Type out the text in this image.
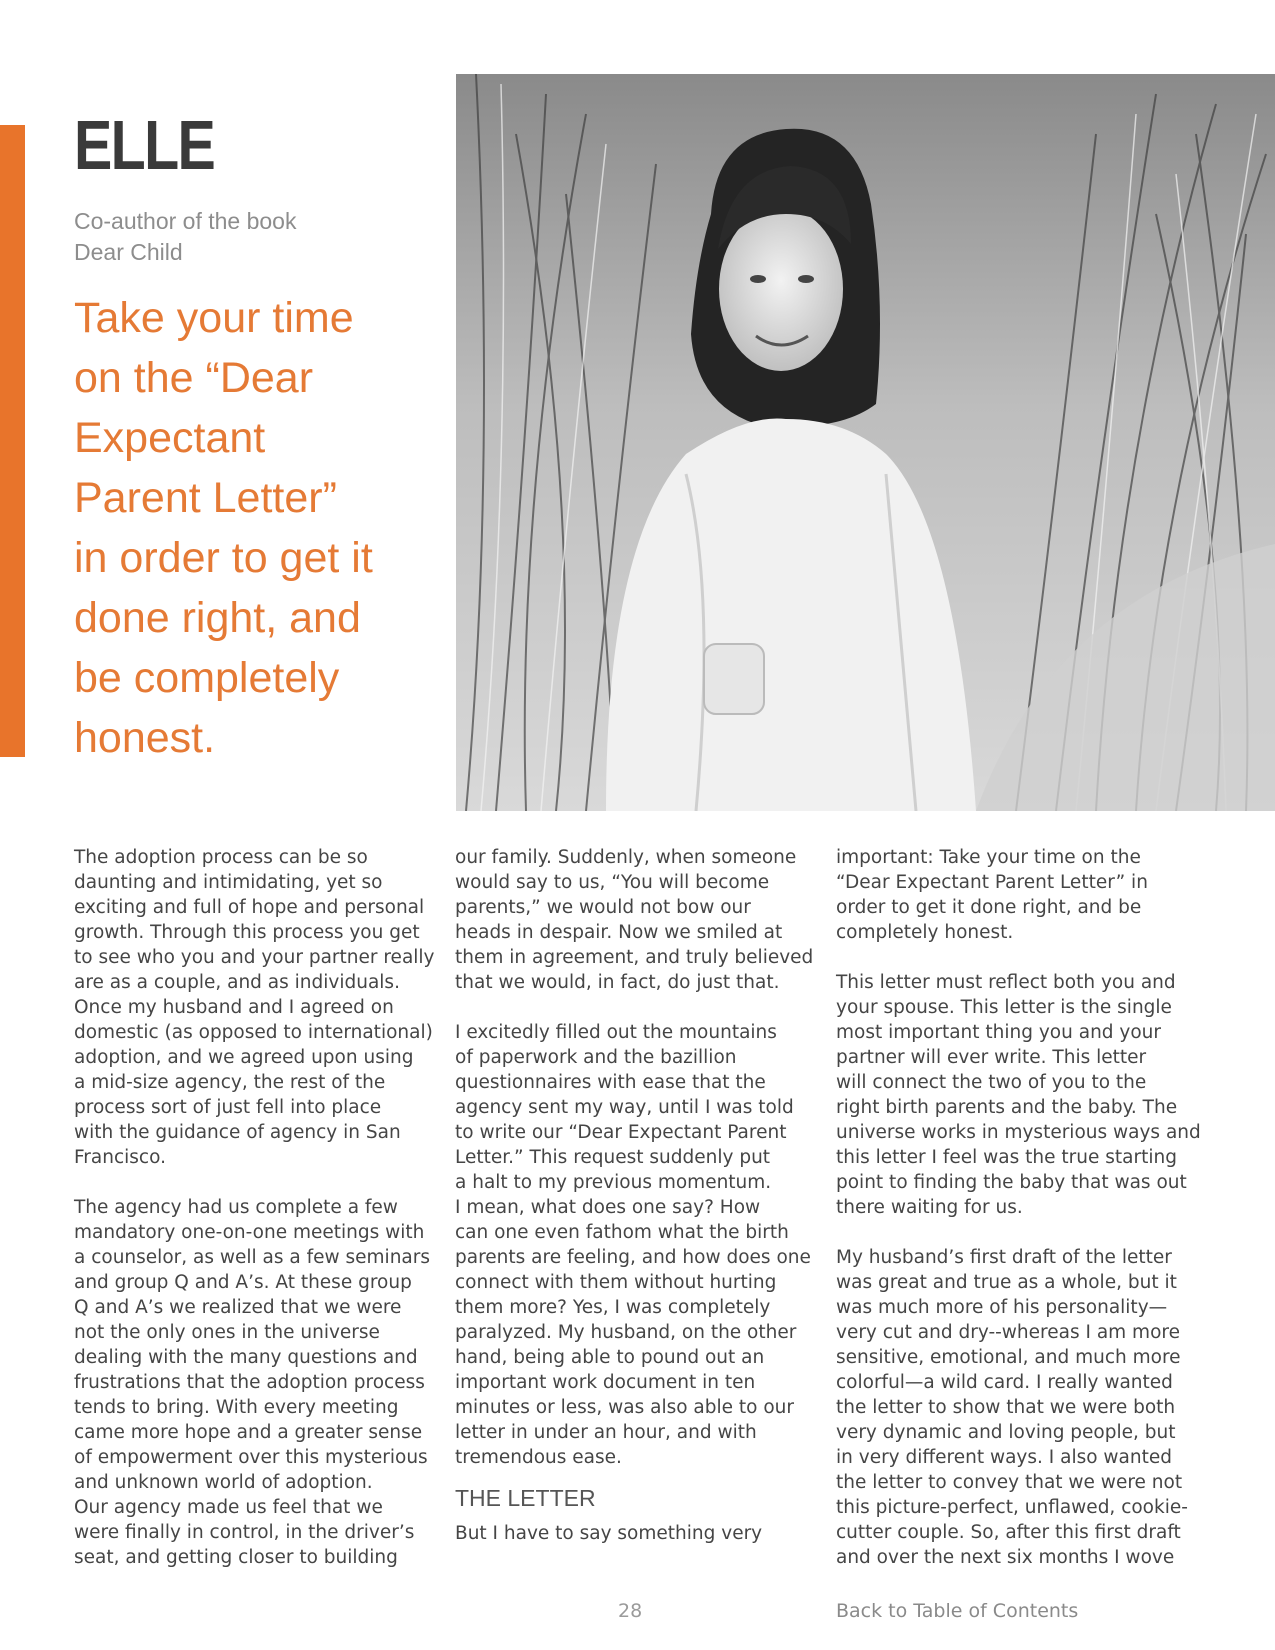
ELLE
Co-author of the book
Dear Child
Take your time
on the “Dear
Expectant
Parent Letter”
in order to get it
done right, and
be completely
honest.
The adoption process can be so
daunting and intimidating, yet so
exciting and full of hope and personal
growth. Through this process you get
to see who you and your partner really
are as a couple, and as individuals.
Once my husband and I agreed on
domestic (as opposed to international)
adoption, and we agreed upon using
a mid-size agency, the rest of the
process sort of just fell into place
with the guidance of agency in San
Francisco.
The agency had us complete a few
mandatory one-on-one meetings with
a counselor, as well as a few seminars
and group Q and A’s. At these group
Q and A’s we realized that we were
not the only ones in the universe
dealing with the many questions and
frustrations that the adoption process
tends to bring. With every meeting
came more hope and a greater sense
of empowerment over this mysterious
and unknown world of adoption.
Our agency made us feel that we
were finally in control, in the driver’s
seat, and getting closer to building
our family. Suddenly, when someone
would say to us, “You will become
parents,” we would not bow our
heads in despair. Now we smiled at
them in agreement, and truly believed
that we would, in fact, do just that.
I excitedly filled out the mountains
of paperwork and the bazillion
questionnaires with ease that the
agency sent my way, until I was told
to write our “Dear Expectant Parent
Letter.” This request suddenly put
a halt to my previous momentum.
I mean, what does one say? How
can one even fathom what the birth
parents are feeling, and how does one
connect with them without hurting
them more? Yes, I was completely
paralyzed. My husband, on the other
hand, being able to pound out an
important work document in ten
minutes or less, was also able to our
letter in under an hour, and with
tremendous ease.
THE LETTER
But I have to say something very
important: Take your time on the
“Dear Expectant Parent Letter” in
order to get it done right, and be
completely honest.
This letter must reflect both you and
your spouse. This letter is the single
most important thing you and your
partner will ever write. This letter
will connect the two of you to the
right birth parents and the baby. The
universe works in mysterious ways and
this letter I feel was the true starting
point to finding the baby that was out
there waiting for us.
My husband’s first draft of the letter
was great and true as a whole, but it
was much more of his personality—
very cut and dry--whereas I am more
sensitive, emotional, and much more
colorful—a wild card. I really wanted
the letter to show that we were both
very dynamic and loving people, but
in very different ways. I also wanted
the letter to convey that we were not
this picture-perfect, unflawed, cookie-
cutter couple. So, after this first draft
and over the next six months I wove
28	Back to Table of Contents
